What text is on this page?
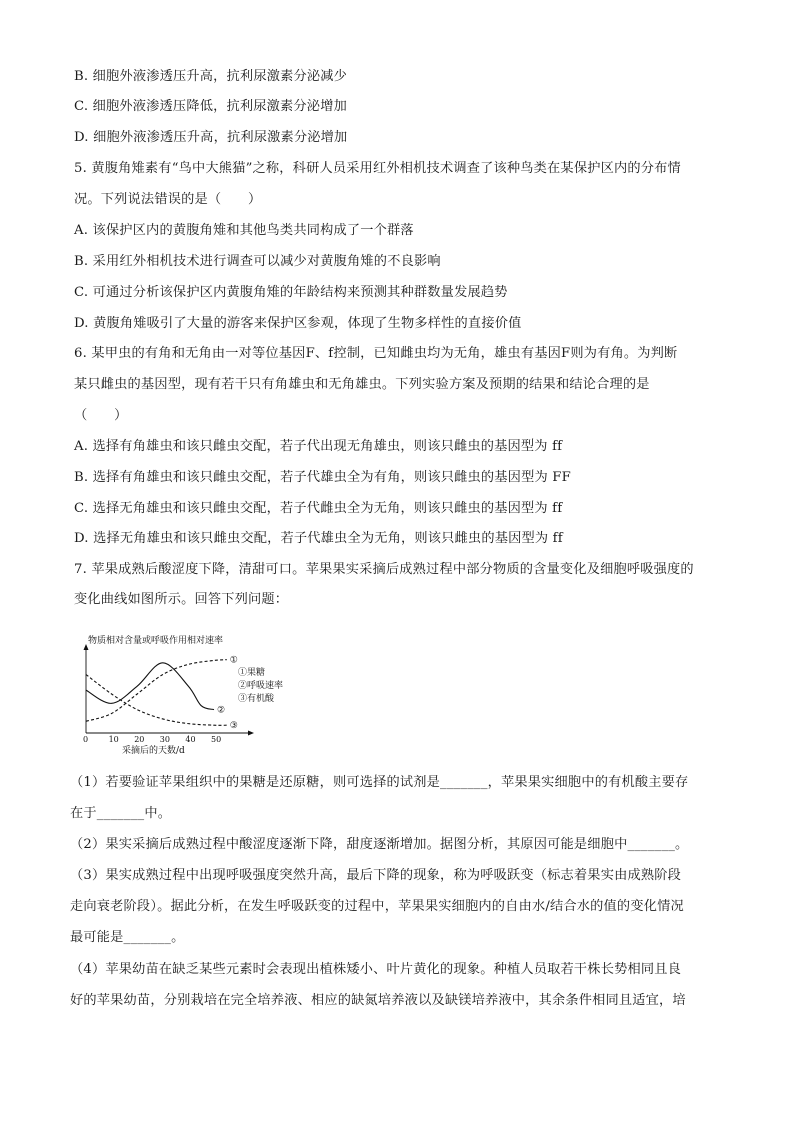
B. 细胞外液渗透压升高，抗利尿激素分泌减少
C. 细胞外液渗透压降低，抗利尿激素分泌增加
D. 细胞外液渗透压升高，抗利尿激素分泌增加
5. 黄腹角雉素有“鸟中大熊猫”之称，科研人员采用红外相机技术调查了该种鸟类在某保护区内的分布情
况。下列说法错误的是（　　）
A. 该保护区内的黄腹角雉和其他鸟类共同构成了一个群落
B. 采用红外相机技术进行调查可以减少对黄腹角雉的不良影响
C. 可通过分析该保护区内黄腹角雉的年龄结构来预测其种群数量发展趋势
D. 黄腹角雉吸引了大量的游客来保护区参观，体现了生物多样性的直接价值
6. 某甲虫的有角和无角由一对等位基因F、f控制，已知雌虫均为无角，雄虫有基因F则为有角。为判断
某只雌虫的基因型，现有若干只有角雄虫和无角雄虫。下列实验方案及预期的结果和结论合理的是
（　　）
A. 选择有角雄虫和该只雌虫交配，若子代出现无角雄虫，则该只雌虫的基因型为 ff
B. 选择有角雄虫和该只雌虫交配，若子代雄虫全为有角，则该只雌虫的基因型为 FF
C. 选择无角雄虫和该只雌虫交配，若子代雌虫全为无角，则该只雌虫的基因型为 ff
D. 选择无角雄虫和该只雌虫交配，若子代雄虫全为无角，则该只雌虫的基因型为 ff
7. 苹果成熟后酸涩度下降，清甜可口。苹果果实采摘后成熟过程中部分物质的含量变化及细胞呼吸强度的
变化曲线如图所示。回答下列问题：
物质相对含量或呼吸作用相对速率
0	10 20 30 40 50
①
②
③
①果糖
②呼吸速率
③有机酸
采摘后的天数/d
（1）若要验证苹果组织中的果糖是还原糖，则可选择的试剂是_______，苹果果实细胞中的有机酸主要存
在于_______中。
（2）果实采摘后成熟过程中酸涩度逐渐下降，甜度逐渐增加。据图分析，其原因可能是细胞中_______。
（3）果实成熟过程中出现呼吸强度突然升高，最后下降的现象，称为呼吸跃变（标志着果实由成熟阶段
走向衰老阶段）。据此分析，在发生呼吸跃变的过程中，苹果果实细胞内的自由水/结合水的值的变化情况
最可能是_______。
（4）苹果幼苗在缺乏某些元素时会表现出植株矮小、叶片黄化的现象。种植人员取若干株长势相同且良
好的苹果幼苗，分别栽培在完全培养液、相应的缺氮培养液以及缺镁培养液中，其余条件相同且适宜，培
